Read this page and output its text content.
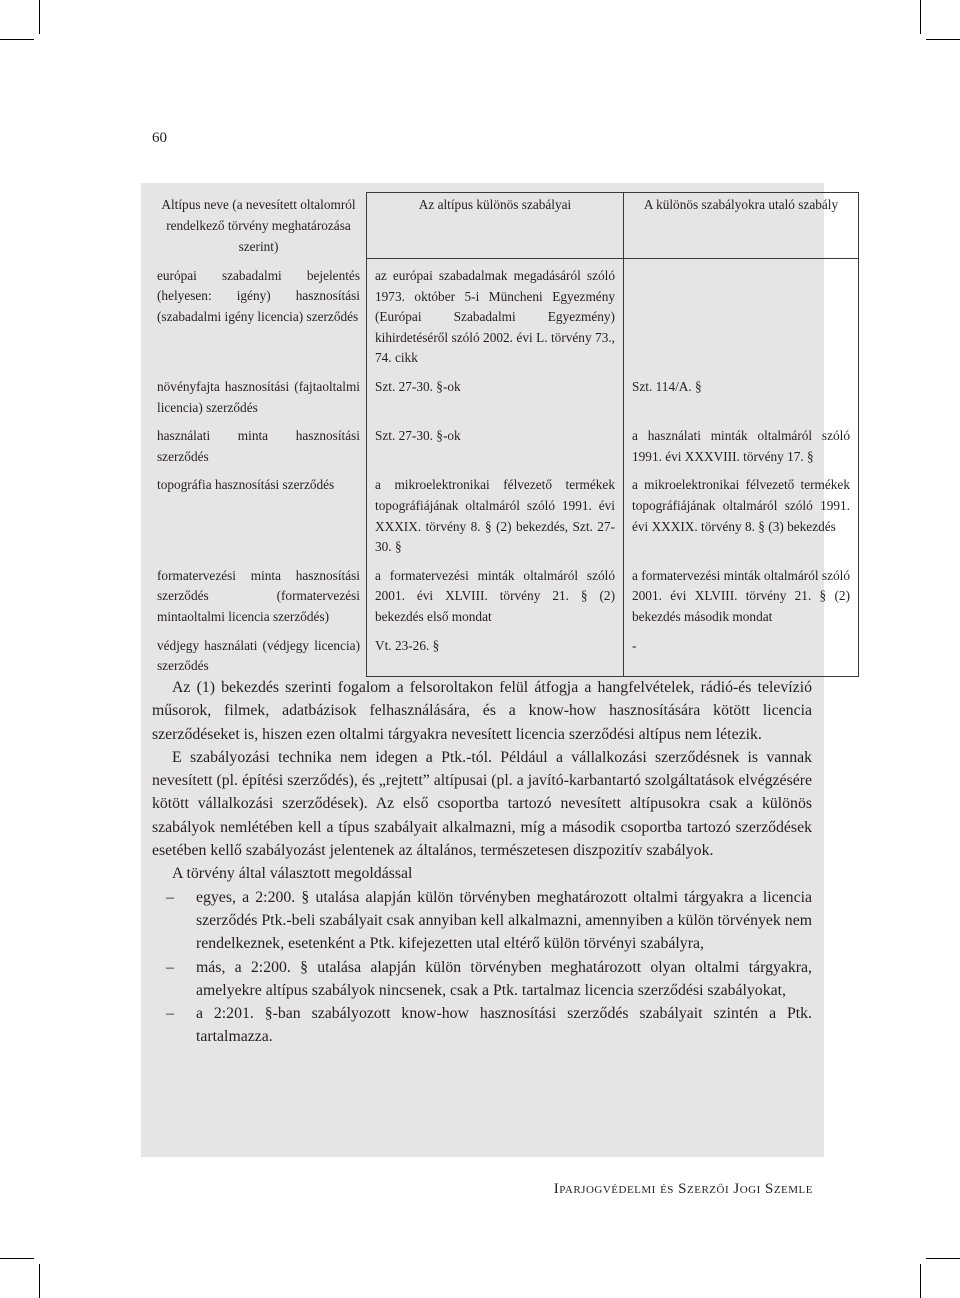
60
Altípus neve (a nevesített oltalomról rendelkező törvény meghatározása szerint)	Az altípus különös szabályai	A különös szabályokra utaló szabály
európai szabadalmi bejelentés (helyesen: igény) hasznosítási (szabadalmi igény licencia) szerződés	az európai szabadalmak megadásáról szóló 1973. október 5-i Müncheni Egyezmény (Európai Szabadalmi Egyezmény) kihirdetéséről szóló 2002. évi L. törvény 73., 74. cikk	
növényfajta hasznosítási (fajtaoltalmi licencia) szerződés	Szt. 27-30. §-ok	Szt. 114/A. §
használati minta hasznosítási szerződés	Szt. 27-30. §-ok	a használati minták oltalmáról szóló 1991. évi XXXVIII. törvény 17. §
topográfia hasznosítási szerződés	a mikroelektronikai félvezető termékek topográfiájának oltalmáról szóló 1991. évi XXXIX. törvény 8. § (2) bekezdés, Szt. 27-30. §	a mikroelektronikai félvezető termékek topográfiájának oltalmáról szóló 1991. évi XXXIX. törvény 8. § (3) bekezdés
formatervezési minta hasznosítási szerződés (formatervezési mintaoltalmi licencia szerződés)	a formatervezési minták oltalmáról szóló 2001. évi XLVIII. törvény 21. § (2) bekezdés első mondat	a formatervezési minták oltalmáról szóló 2001. évi XLVIII. törvény 21. § (2) bekezdés második mondat
védjegy használati (védjegy licencia) szerződés	Vt. 23-26. §	-

Az (1) bekezdés szerinti fogalom a felsoroltakon felül átfogja a hangfelvételek, rádió-és televízió műsorok, filmek, adatbázisok felhasználására, és a know-how hasznosítására kötött licencia szerződéseket is, hiszen ezen oltalmi tárgyakra nevesített licencia szerződési altípus nem létezik.

E szabályozási technika nem idegen a Ptk.-tól. Például a vállalkozási szerződésnek is vannak nevesített (pl. építési szerződés), és „rejtett” altípusai (pl. a javító-karbantartó szolgáltatások elvégzésére kötött vállalkozási szerződések). Az első csoportba tartozó nevesített altípusokra csak a különös szabályok nemlétében kell a típus szabályait alkalmazni, míg a második csoportba tartozó szerződések esetében kellő szabályozást jelentenek az általános, természetesen diszpozitív szabályok.

A törvény által választott megoldással

– egyes, a 2:200. § utalása alapján külön törvényben meghatározott oltalmi tárgyakra a licencia szerződés Ptk.-beli szabályait csak annyiban kell alkalmazni, amennyiben a külön törvények nem rendelkeznek, esetenként a Ptk. kifejezetten utal eltérő külön törvényi szabályra,
– más, a 2:200. § utalása alapján külön törvényben meghatározott olyan oltalmi tárgyakra, amelyekre altípus szabályok nincsenek, csak a Ptk. tartalmaz licencia szerződési szabályokat,
– a 2:201. §-ban szabályozott know-how hasznosítási szerződés szabályait szintén a Ptk. tartalmazza.
Iparjogvédelmi és Szerzői Jogi Szemle
